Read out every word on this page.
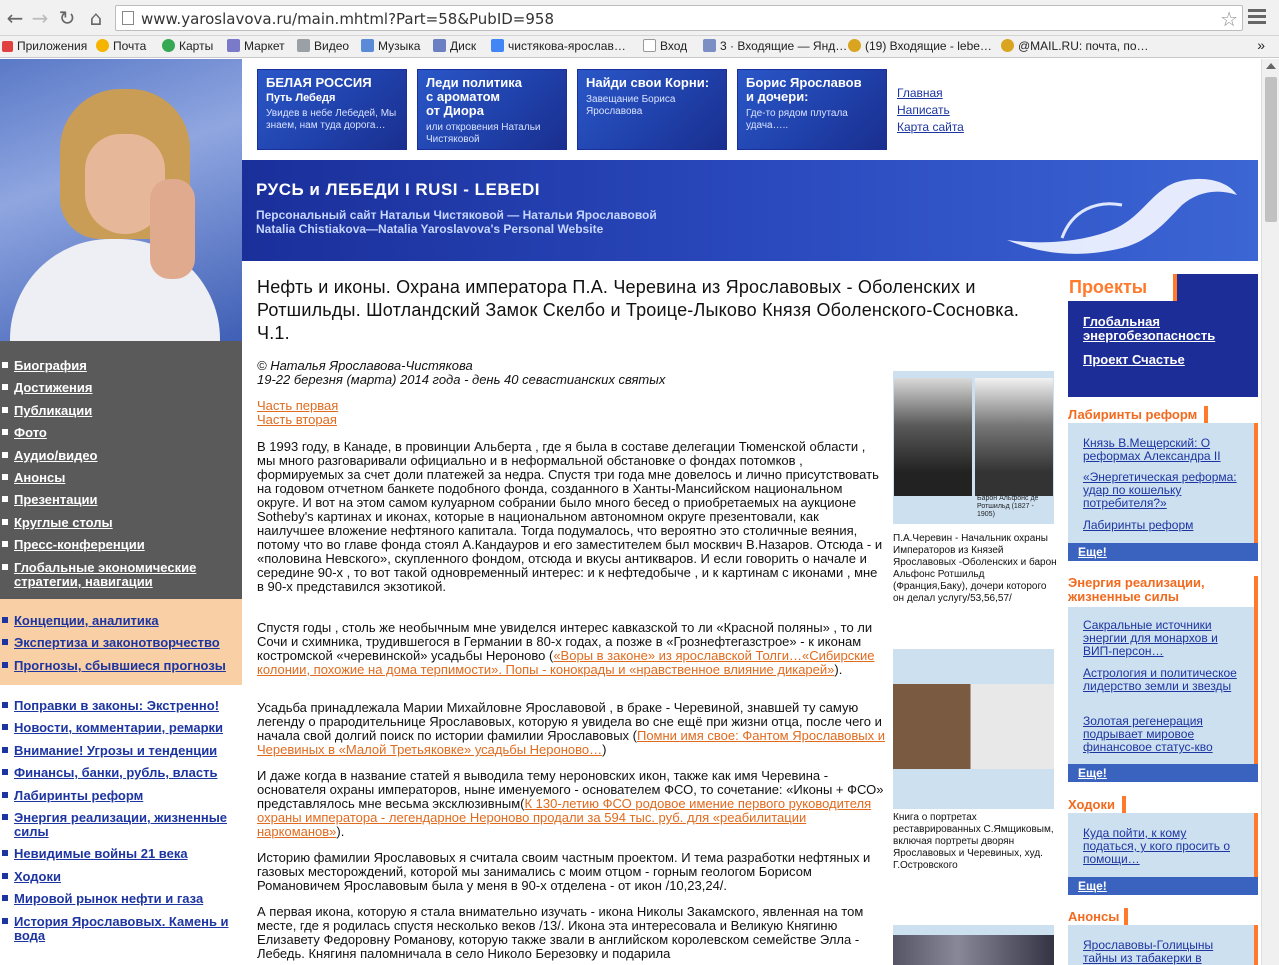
← → ↻ ⌂	www.yaroslavova.ru/main.mhtml?Part=58&PubID=958	☆
Приложения	Почта	Карты	Маркет	Видео	Музыка	Диск	чистякова-ярослав…	Вход	3 · Входящие — Янд…	(19) Входящие - lebe…	@MAIL.RU: почта, по…	»
Биография
Достижения
Публикации
Фото
Аудио/видео
Анонсы
Презентации
Круглые столы
Пресс-конференции
Глобальные экономические стратегии, навигации
Концепции, аналитика
Экспертиза и законотворчество
Прогнозы, сбывшиеся прогнозы
Поправки в законы: Экстренно!
Новости, комментарии, ремарки
Внимание! Угрозы и тенденции
Финансы, банки, рубль, власть
Лабиринты реформ
Энергия реализации, жизненные силы
Невидимые войны 21 века
Ходоки
Мировой рынок нефти и газа
История Ярославовых. Камень и вода
БЕЛАЯ РОССИЯ
Путь Лебедя
Увидев в небе Лебедей, Мы знаем, нам туда дорога…
Леди политика
с ароматом
от Диора
или откровения Натальи Чистяковой
Найди свои Корни:
Завещание Бориса Ярославова
Борис Ярославов
и дочери:
Где-то рядом плутала удача…..
Главная
Написать
Карта сайта
РУСЬ и ЛЕБЕДИ I RUSI - LEBEDI
Персональный сайт Натальи Чистяковой — Натальи Ярославовой
Natalia Chistiakova—Natalia Yaroslavova's Personal Website
Нефть и иконы. Охрана императора П.А. Черевина из Ярославовых - Оболенских и Ротшильды. Шотландский Замок Скелбо и Троице-Лыково Князя Оболенского-Сосновка. Ч.1.
© Наталья Ярославова-Чистякова
19-22 березня (марта) 2014 года - день 40 севастианских святых
Часть первая
Часть вторая
В 1993 году, в Канаде, в провинции Альберта , где я была в составе делегации Тюменской области , мы много разговаривали официально и в неформальной обстановке о фондах потомков , формируемых за счет доли платежей за недра. Спустя три года мне довелось и лично присутствовать на годовом отчетном банкете подобного фонда, созданного в Ханты-Мансийском национальном округе. И вот на этом самом кулуарном собрании было много бесед о приобретаемых на аукционе Sotheby's картинах и иконах, которые в национальном автономном округе презентовали, как наилучшее вложение нефтяного капитала. Тогда подумалось, что вероятно это столичные веяния, потому что во главе фонда стоял А.Кандауров и его заместителем был москвич В.Назаров. Отсюда - и «половина Невского», скупленного фондом, отсюда и вкусы антикваров. И если говорить о начале и середине 90-х , то вот такой одновременный интерес: и к нефтедобыче , и к картинам с иконами , мне в 90-х представился экзотикой.
Спустя годы , столь же необычным мне увиделся интерес кавказской то ли «Красной поляны» , то ли Сочи и схимника, трудившегося в Германии в 80-х годах, а позже в «Грознефтегазстрое» - к иконам костромской «черевинской» усадьбы Нероново («Воры в законе» из ярославской Толги…«Сибирские колонии, похожие на дома терпимости». Попы - конокрады и «нравственное влияние дикарей»).
Усадьба принадлежала Марии Михайловне Ярославовой , в браке - Черевиной, знавшей ту самую легенду о прародительнице Ярославовых, которую я увидела во сне ещё при жизни отца, после чего и начала свой долгий поиск по истории фамилии Ярославовых (Помни имя свое: Фантом Ярославовых и Черевиных в «Малой Третьяковке» усадьбы Нероново…)
И даже когда в название статей я выводила тему нероновских икон, также как имя Черевина - основателя охраны императоров, ныне именуемого - основателем ФСО, то сочетание: «Иконы + ФСО» представлялось мне весьма эксклюзивным(К 130-летию ФСО родовое имение первого руководителя охраны императора - легендарное Нероново продали за 594 тыс. руб. для «реабилитации наркоманов»).
Историю фамилии Ярославовых я считала своим частным проектом. И тема разработки нефтяных и газовых месторождений, которой мы занимались с моим отцом - горным геологом Борисом Романовичем Ярославовым была у меня в 90-х отделена - от икон /10,23,24/.
А первая икона, которую я стала внимательно изучать - икона Николы Закамского, явленная на том месте, где я родилась спустя несколько веков /13/. Икона эта интересовала и Великую Княгиню Елизавету Федоровну Романову, которую также звали в английском королевском семействе Элла - Лебедь. Княгиня паломничала в село Николо Березовку и подарила
Барон Альфонс де Ротшильд (1827 - 1905)
П.А.Черевин - Начальник охраны Императоров из Князей Ярославовых -Оболенских и барон Альфонс Ротшильд (Франция,Баку), дочери которого он делал услугу/53,56,57/
Книга о портретах реставрированных С.Ямщиковым, включая портреты дворян Ярославовых и Черевиных, худ. Г.Островского
Проекты
Глобальная энергобезопасность
Проект Счастье
Лабиринты реформ
Князь В.Мещерский: О реформах Александра II
«Энергетическая реформа: удар по кошельку потребителя?»
Лабиринты реформ
Еще!
Энергия реализации, жизненные силы
Сакральные источники энергии для монархов и ВИП-персон…
Астрология и политическое лидерство земли и звезды
Золотая регенерация подрывает мировое финансовое статус-кво
Еще!
Ходоки
Куда пойти, к кому податься, у кого просить о помощи…
Еще!
Анонсы
Ярославовы-Голицыны тайны из табакерки в
